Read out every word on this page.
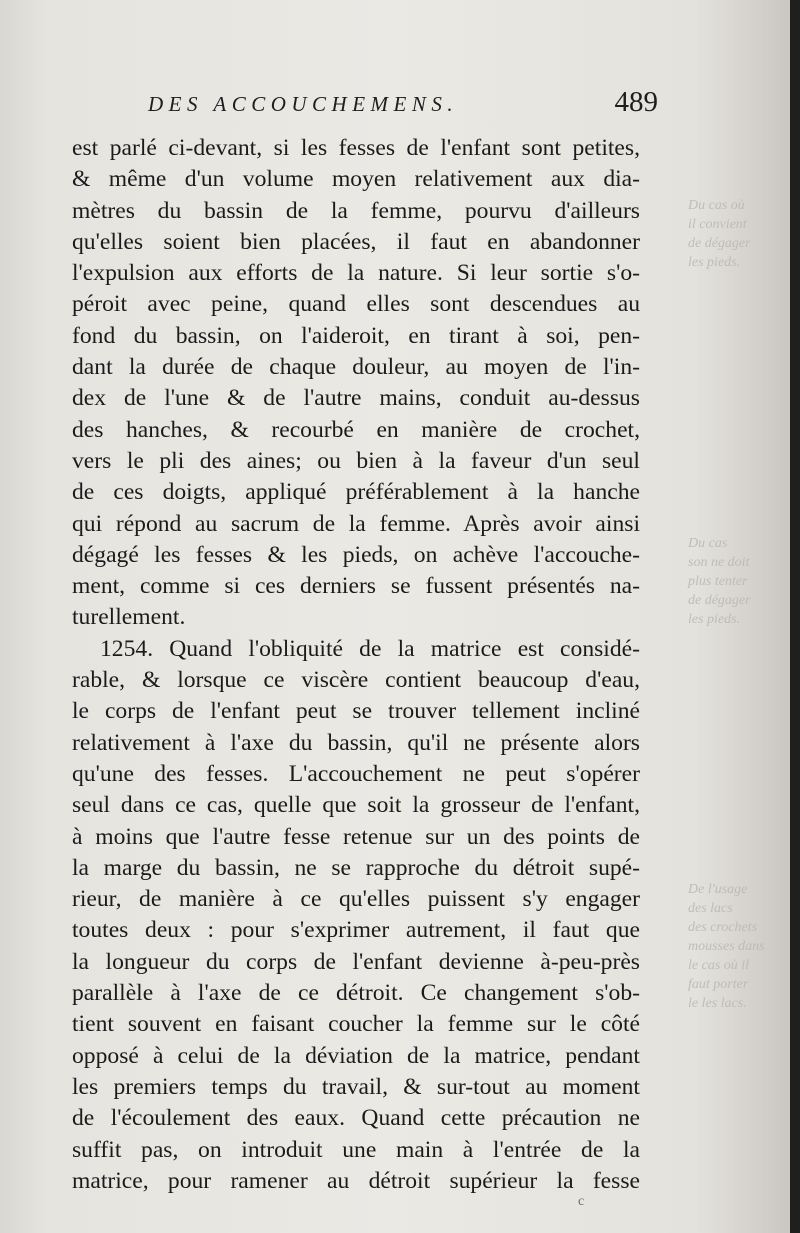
Du cas où
il convient
de dégager
les pieds.
Du cas
son ne doit
plus tenter
de dégager
les pieds.
De l'usage
des lacs
des crochets
mousses dans
le cas où il
faut porter
le les lacs.
DES ACCOUCHEMENS.	489
est parlé ci-devant, si les fesses de l'enfant sont petites,
& même d'un volume moyen relativement aux dia-
mètres du bassin de la femme, pourvu d'ailleurs
qu'elles soient bien placées, il faut en abandonner
l'expulsion aux efforts de la nature. Si leur sortie s'o-
péroit avec peine, quand elles sont descendues au
fond du bassin, on l'aideroit, en tirant à soi, pen-
dant la durée de chaque douleur, au moyen de l'in-
dex de l'une & de l'autre mains, conduit au-dessus
des hanches, & recourbé en manière de crochet,
vers le pli des aines; ou bien à la faveur d'un seul
de ces doigts, appliqué préférablement à la hanche
qui répond au sacrum de la femme. Après avoir ainsi
dégagé les fesses & les pieds, on achève l'accouche-
ment, comme si ces derniers se fussent présentés na-
turellement.
1254. Quand l'obliquité de la matrice est considé-
rable, & lorsque ce viscère contient beaucoup d'eau,
le corps de l'enfant peut se trouver tellement incliné
relativement à l'axe du bassin, qu'il ne présente alors
qu'une des fesses. L'accouchement ne peut s'opérer
seul dans ce cas, quelle que soit la grosseur de l'enfant,
à moins que l'autre fesse retenue sur un des points de
la marge du bassin, ne se rapproche du détroit supé-
rieur, de manière à ce qu'elles puissent s'y engager
toutes deux : pour s'exprimer autrement, il faut que
la longueur du corps de l'enfant devienne à-peu-près
parallèle à l'axe de ce détroit. Ce changement s'ob-
tient souvent en faisant coucher la femme sur le côté
opposé à celui de la déviation de la matrice, pendant
les premiers temps du travail, & sur-tout au moment
de l'écoulement des eaux. Quand cette précaution ne
suffit pas, on introduit une main à l'entrée de la
matrice, pour ramener au détroit supérieur la fesse
c
